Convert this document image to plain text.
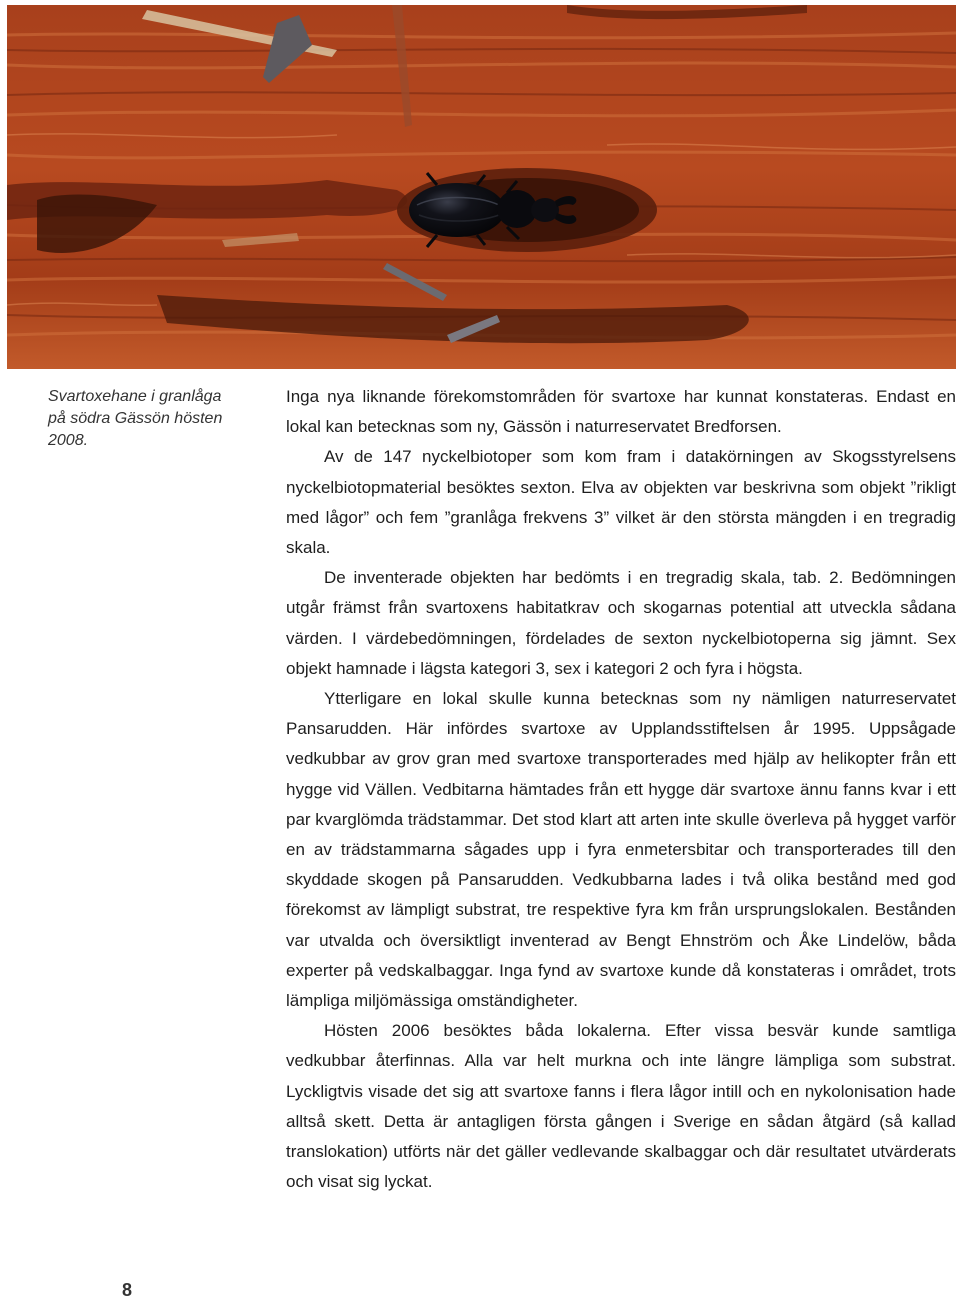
Svartoxehane i granlåga
på södra Gässön hösten
2008.

Inga nya liknande förekomstområden för svartoxe har kunnat konstateras. Endast en lokal kan betecknas som ny, Gässön i naturreservatet Bredforsen.

Av de 147 nyckelbiotoper som kom fram i datakörningen av Skogsstyrelsens nyckelbiotopmaterial besöktes sexton. Elva av objekten var beskrivna som objekt ”rikligt med lågor” och fem ”granlåga frekvens 3” vilket är den största mängden i en tregradig skala.

De inventerade objekten har bedömts i en tregradig skala, tab. 2. Bedömningen utgår främst från svartoxens habitatkrav och skogarnas potential att utveckla sådana värden. I värdebedömningen, fördelades de sexton nyckelbiotoperna sig jämnt. Sex objekt hamnade i lägsta kategori 3, sex i kategori 2 och fyra i högsta.

Ytterligare en lokal skulle kunna betecknas som ny nämligen naturreservatet Pansarudden. Här infördes svartoxe av Upplandsstiftelsen år 1995. Uppsågade vedkubbar av grov gran med svartoxe transporterades med hjälp av helikopter från ett hygge vid Vällen. Vedbitarna hämtades från ett hygge där svartoxe ännu fanns kvar i ett par kvarglömda trädstammar. Det stod klart att arten inte skulle överleva på hygget varför en av trädstammarna sågades upp i fyra enmetersbitar och transporterades till den skyddade skogen på Pansarudden. Vedkubbarna lades i två olika bestånd med god förekomst av lämpligt substrat, tre respektive fyra km från ursprungslokalen. Bestånden var utvalda och översiktligt inventerad av Bengt Ehnström och Åke Lindelöw, båda experter på vedskalbaggar. Inga fynd av svartoxe kunde då konstateras i området, trots lämpliga miljömässiga omständigheter.

Hösten 2006 besöktes båda lokalerna. Efter vissa besvär kunde samtliga vedkubbar återfinnas. Alla var helt murkna och inte längre lämpliga som substrat. Lyckligtvis visade det sig att svartoxe fanns i flera lågor intill och en nykolonisation hade alltså skett. Detta är antagligen första gången i Sverige en sådan åtgärd (så kallad translokation) utförts när det gäller vedlevande skalbaggar och där resultatet utvärderats och visat sig lyckat.

8
